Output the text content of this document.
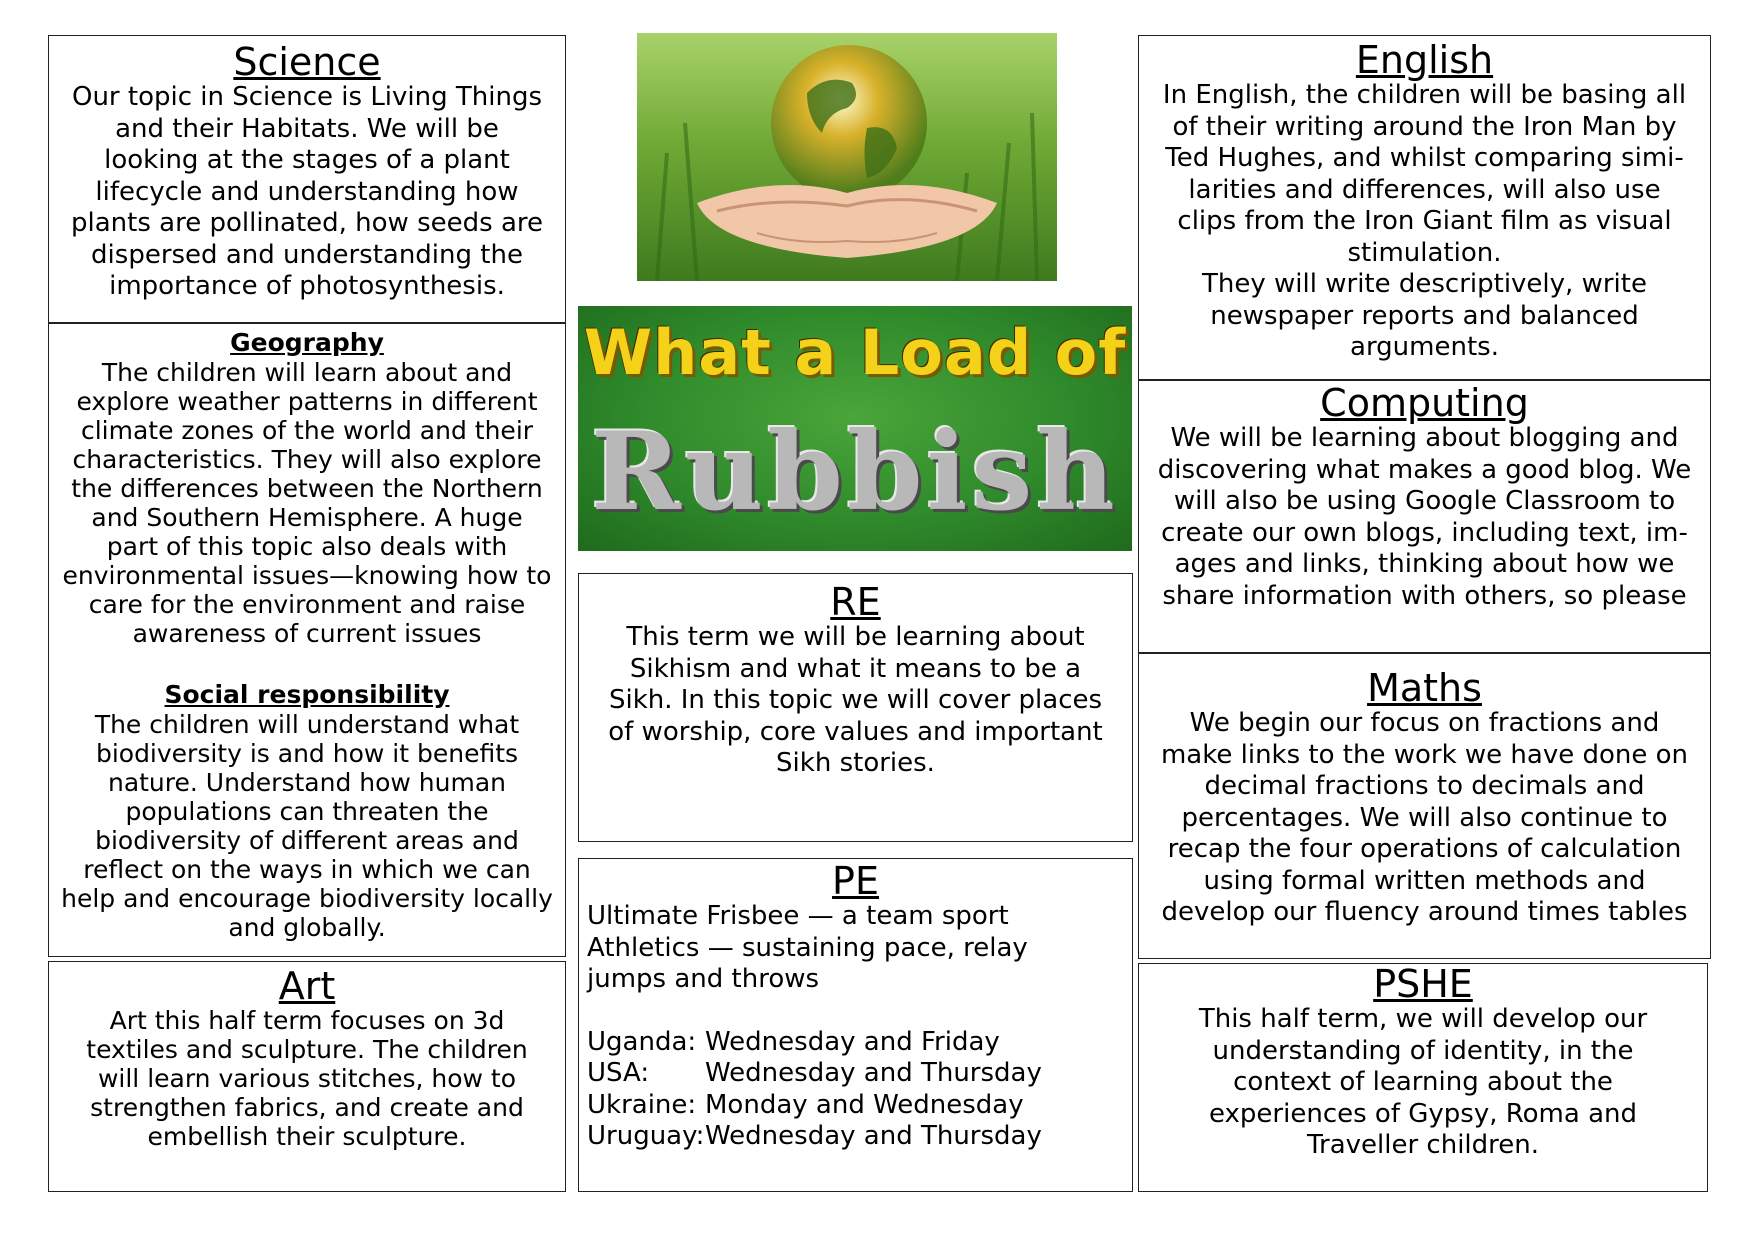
Science

Our topic in Science is Living Things
and their Habitats. We will be
looking at the stages of a plant
lifecycle and understanding how
plants are pollinated, how seeds are
dispersed and understanding the
importance of photosynthesis.

Geography

The children will learn about and
explore weather patterns in different
climate zones of the world and their
characteristics. They will also explore
the differences between the Northern
and Southern Hemisphere. A huge
part of this topic also deals with
environmental issues—knowing how to
care for the environment and raise
awareness of current issues

Social responsibility

The children will understand what
biodiversity is and how it benefits
nature. Understand how human
populations can threaten the
biodiversity of different areas and
reflect on the ways in which we can
help and encourage biodiversity locally
and globally.

Art

Art this half term focuses on 3d
textiles and sculpture. The children
will learn various stitches, how to
strengthen fabrics, and create and
embellish their sculpture.

What a Load of
Rubbish
RE

This term we will be learning about
Sikhism and what it means to be a
Sikh. In this topic we will cover places
of worship, core values and important
Sikh stories.

PE

Ultimate Frisbee — a team sport
Athletics — sustaining pace, relay
jumps and throws

Uganda: Wednesday and Friday
USA:	Wednesday and Thursday
Ukraine: Monday and Wednesday
Uruguay: Wednesday and Thursday
English

In English, the children will be basing all
of their writing around the Iron Man by
Ted Hughes, and whilst comparing simi-
larities and differences, will also use
clips from the Iron Giant film as visual
stimulation.
They will write descriptively, write
newspaper reports and balanced
arguments.

Computing

We will be learning about blogging and
discovering what makes a good blog. We
will also be using Google Classroom to
create our own blogs, including text, im-
ages and links, thinking about how we
share information with others, so please

Maths

We begin our focus on fractions and
make links to the work we have done on
decimal fractions to decimals and
percentages. We will also continue to
recap the four operations of calculation
using formal written methods and
develop our fluency around times tables

PSHE

This half term, we will develop our
understanding of identity, in the
context of learning about the
experiences of Gypsy, Roma and
Traveller children.
